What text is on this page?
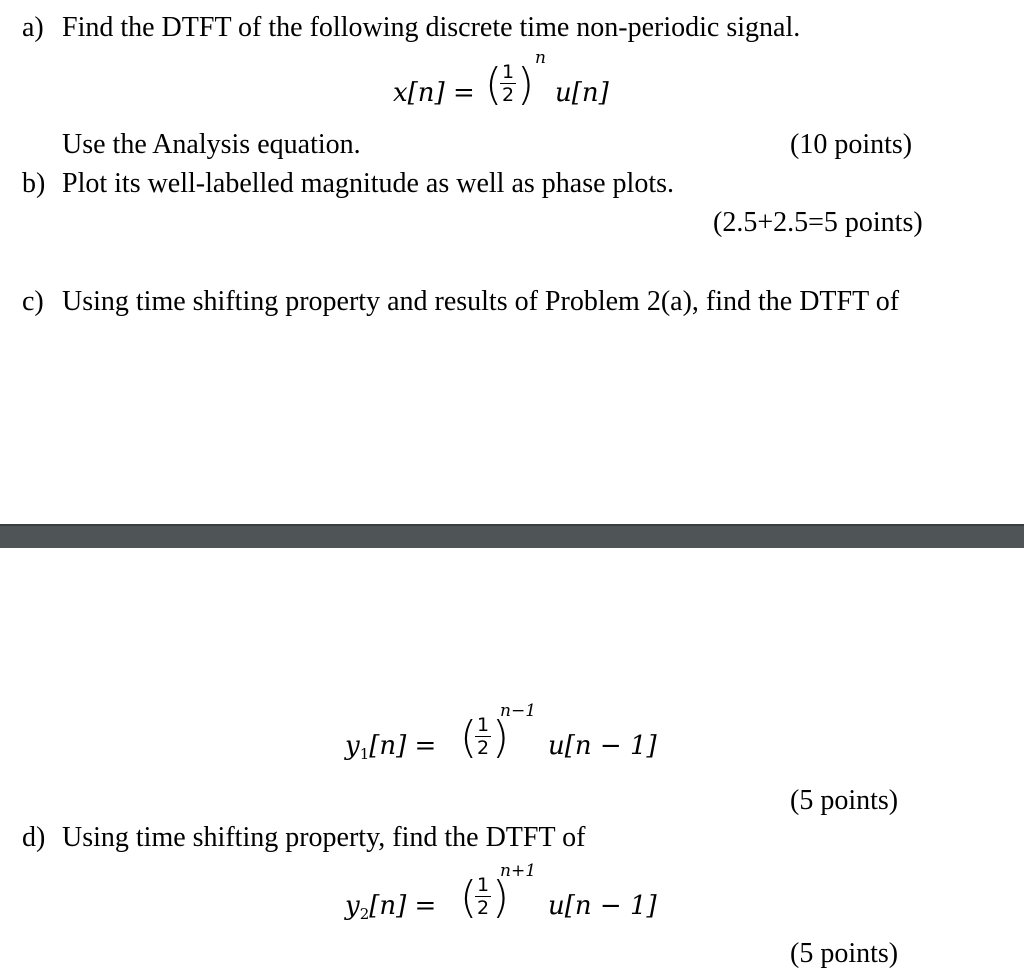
a) Find the DTFT of the following discrete time non-periodic signal.
x[n] = ( 1
2 )
n
u[n]
Use the Analysis equation.	(10 points)
b) Plot its well-labelled magnitude as well as phase plots.
(2.5+2.5=5 points)
c) Using time shifting property and results of Problem 2(a), find the DTFT of
$y_1[n]$ = ( 1
2 )
n−1
u[n − 1]
(5 points)
d) Using time shifting property, find the DTFT of
$y_2[n]$ = ( 1
2 )
n+1
u[n − 1]
(5 points)
